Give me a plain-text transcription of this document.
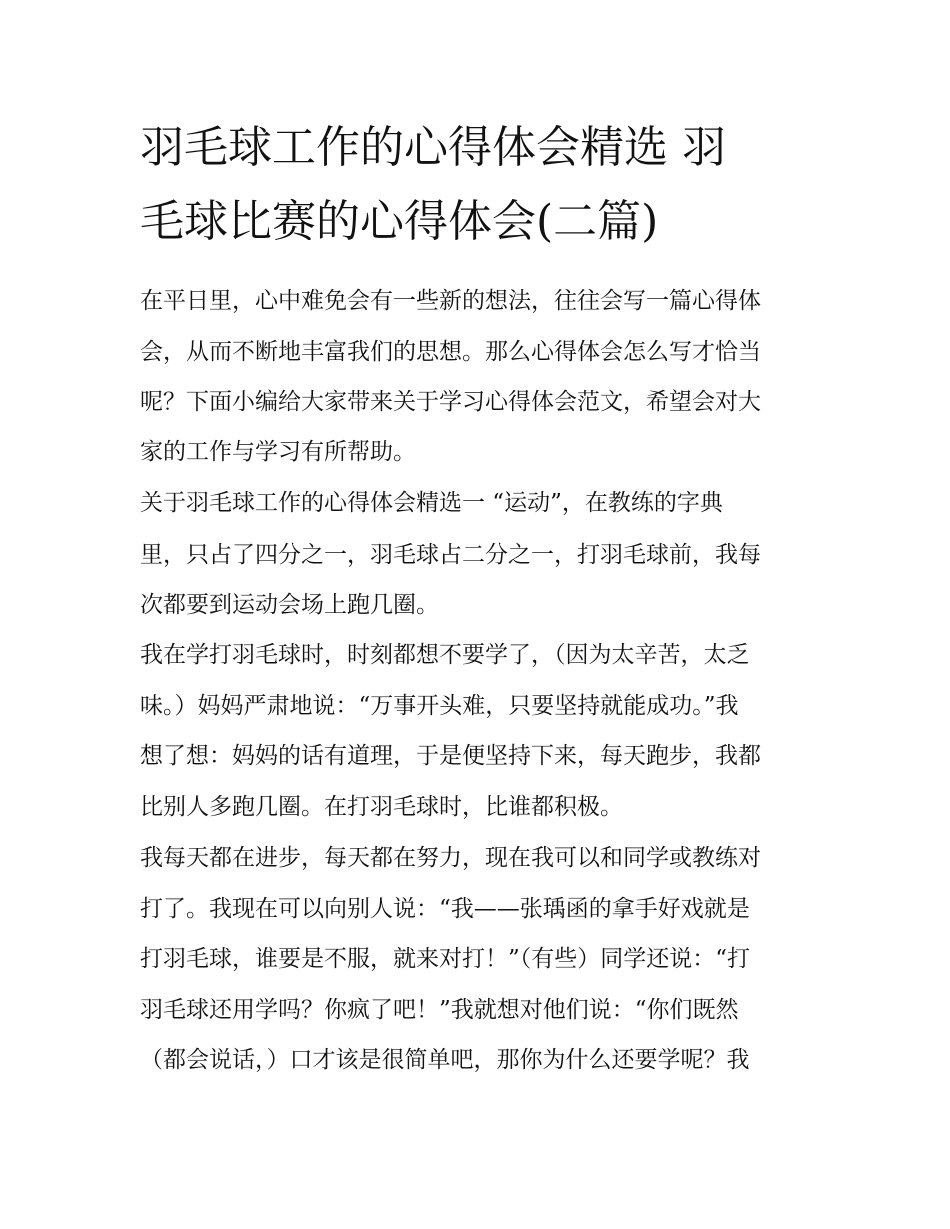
羽毛球工作的心得体会精选 羽
毛球比赛的心得体会(二篇)
在平日里，心中难免会有一些新的想法，往往会写一篇心得体
会，从而不断地丰富我们的思想。那么心得体会怎么写才恰当
呢？下面小编给大家带来关于学习心得体会范文，希望会对大
家的工作与学习有所帮助。
关于羽毛球工作的心得体会精选一 “运动”，在教练的字典
里，只占了四分之一，羽毛球占二分之一，打羽毛球前，我每
次都要到运动会场上跑几圈。
我在学打羽毛球时，时刻都想不要学了，（因为太辛苦，太乏
味。）妈妈严肃地说：“万事开头难，只要坚持就能成功。”我
想了想：妈妈的话有道理，于是便坚持下来，每天跑步，我都
比别人多跑几圈。在打羽毛球时，比谁都积极。
我每天都在进步，每天都在努力，现在我可以和同学或教练对
打了。我现在可以向别人说：“我——张瑀函的拿手好戏就是
打羽毛球，谁要是不服，就来对打！”（有些）同学还说：“打
羽毛球还用学吗？你疯了吧！”我就想对他们说：“你们既然
（都会说话，）口才该是很简单吧，那你为什么还要学呢？我
